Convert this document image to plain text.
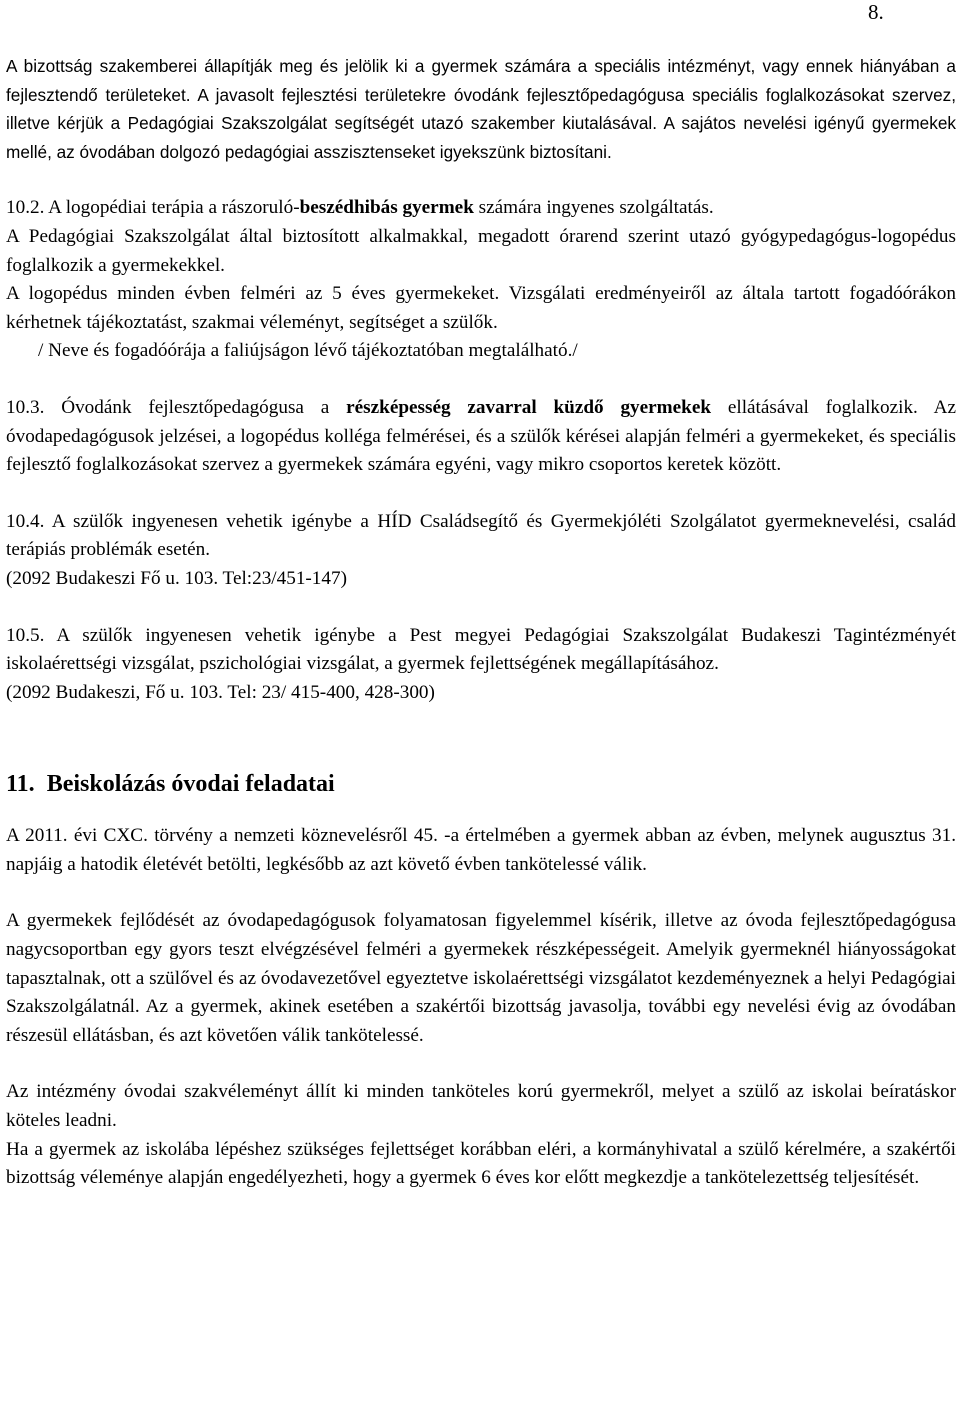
8.

A bizottság szakemberei állapítják meg és jelölik ki a gyermek számára a speciális intézményt, vagy ennek hiányában a fejlesztendő területeket. A javasolt fejlesztési területekre óvodánk fejlesztőpedagógusa speciális foglalkozásokat szervez, illetve kérjük a Pedagógiai Szakszolgálat segítségét utazó szakember kiutalásával. A sajátos nevelési igényű gyermekek mellé, az óvodában dolgozó pedagógiai asszisztenseket igyekszünk biztosítani.

10.2. A logopédiai terápia a rászoruló-beszédhibás gyermek számára ingyenes szolgáltatás.

A Pedagógiai Szakszolgálat által biztosított alkalmakkal, megadott órarend szerint utazó gyógypedagógus-logopédus foglalkozik a gyermekekkel.

A logopédus minden évben felméri az 5 éves gyermekeket. Vizsgálati eredményeiről az általa tartott fogadóórákon kérhetnek tájékoztatást, szakmai véleményt, segítséget a szülők.

/ Neve és fogadóórája a faliújságon lévő tájékoztatóban megtalálható./

10.3. Óvodánk fejlesztőpedagógusa a részképesség zavarral küzdő gyermekek ellátásával foglalkozik. Az óvodapedagógusok jelzései, a logopédus kolléga felmérései, és a szülők kérései alapján felméri a gyermekeket, és speciális fejlesztő foglalkozásokat szervez a gyermekek számára egyéni, vagy mikro csoportos keretek között.

10.4. A szülők ingyenesen vehetik igénybe a HÍD Családsegítő és Gyermekjóléti Szolgálatot gyermeknevelési, család terápiás problémák esetén.

(2092 Budakeszi Fő u. 103. Tel:23/451-147)

10.5. A szülők ingyenesen vehetik igénybe a Pest megyei Pedagógiai Szakszolgálat Budakeszi Tagintézményét iskolaérettségi vizsgálat, pszichológiai vizsgálat, a gyermek fejlettségének megállapításához.

(2092 Budakeszi, Fő u. 103. Tel: 23/ 415-400, 428-300)

11. Beiskolázás óvodai feladatai

A 2011. évi CXC. törvény a nemzeti köznevelésről 45. -a értelmében a gyermek abban az évben, melynek augusztus 31. napjáig a hatodik életévét betölti, legkésőbb az azt követő évben tankötelessé válik.

A gyermekek fejlődését az óvodapedagógusok folyamatosan figyelemmel kísérik, illetve az óvoda fejlesztőpedagógusa nagycsoportban egy gyors teszt elvégzésével felméri a gyermekek részképességeit. Amelyik gyermeknél hiányosságokat tapasztalnak, ott a szülővel és az óvodavezetővel egyeztetve iskolaérettségi vizsgálatot kezdeményeznek a helyi Pedagógiai Szakszolgálatnál. Az a gyermek, akinek esetében a szakértői bizottság javasolja, további egy nevelési évig az óvodában részesül ellátásban, és azt követően válik tankötelessé.

Az intézmény óvodai szakvéleményt állít ki minden tanköteles korú gyermekről, melyet a szülő az iskolai beíratáskor köteles leadni.

Ha a gyermek az iskolába lépéshez szükséges fejlettséget korábban eléri, a kormányhivatal a szülő kérelmére, a szakértői bizottság véleménye alapján engedélyezheti, hogy a gyermek 6 éves kor előtt megkezdje a tankötelezettség teljesítését.
